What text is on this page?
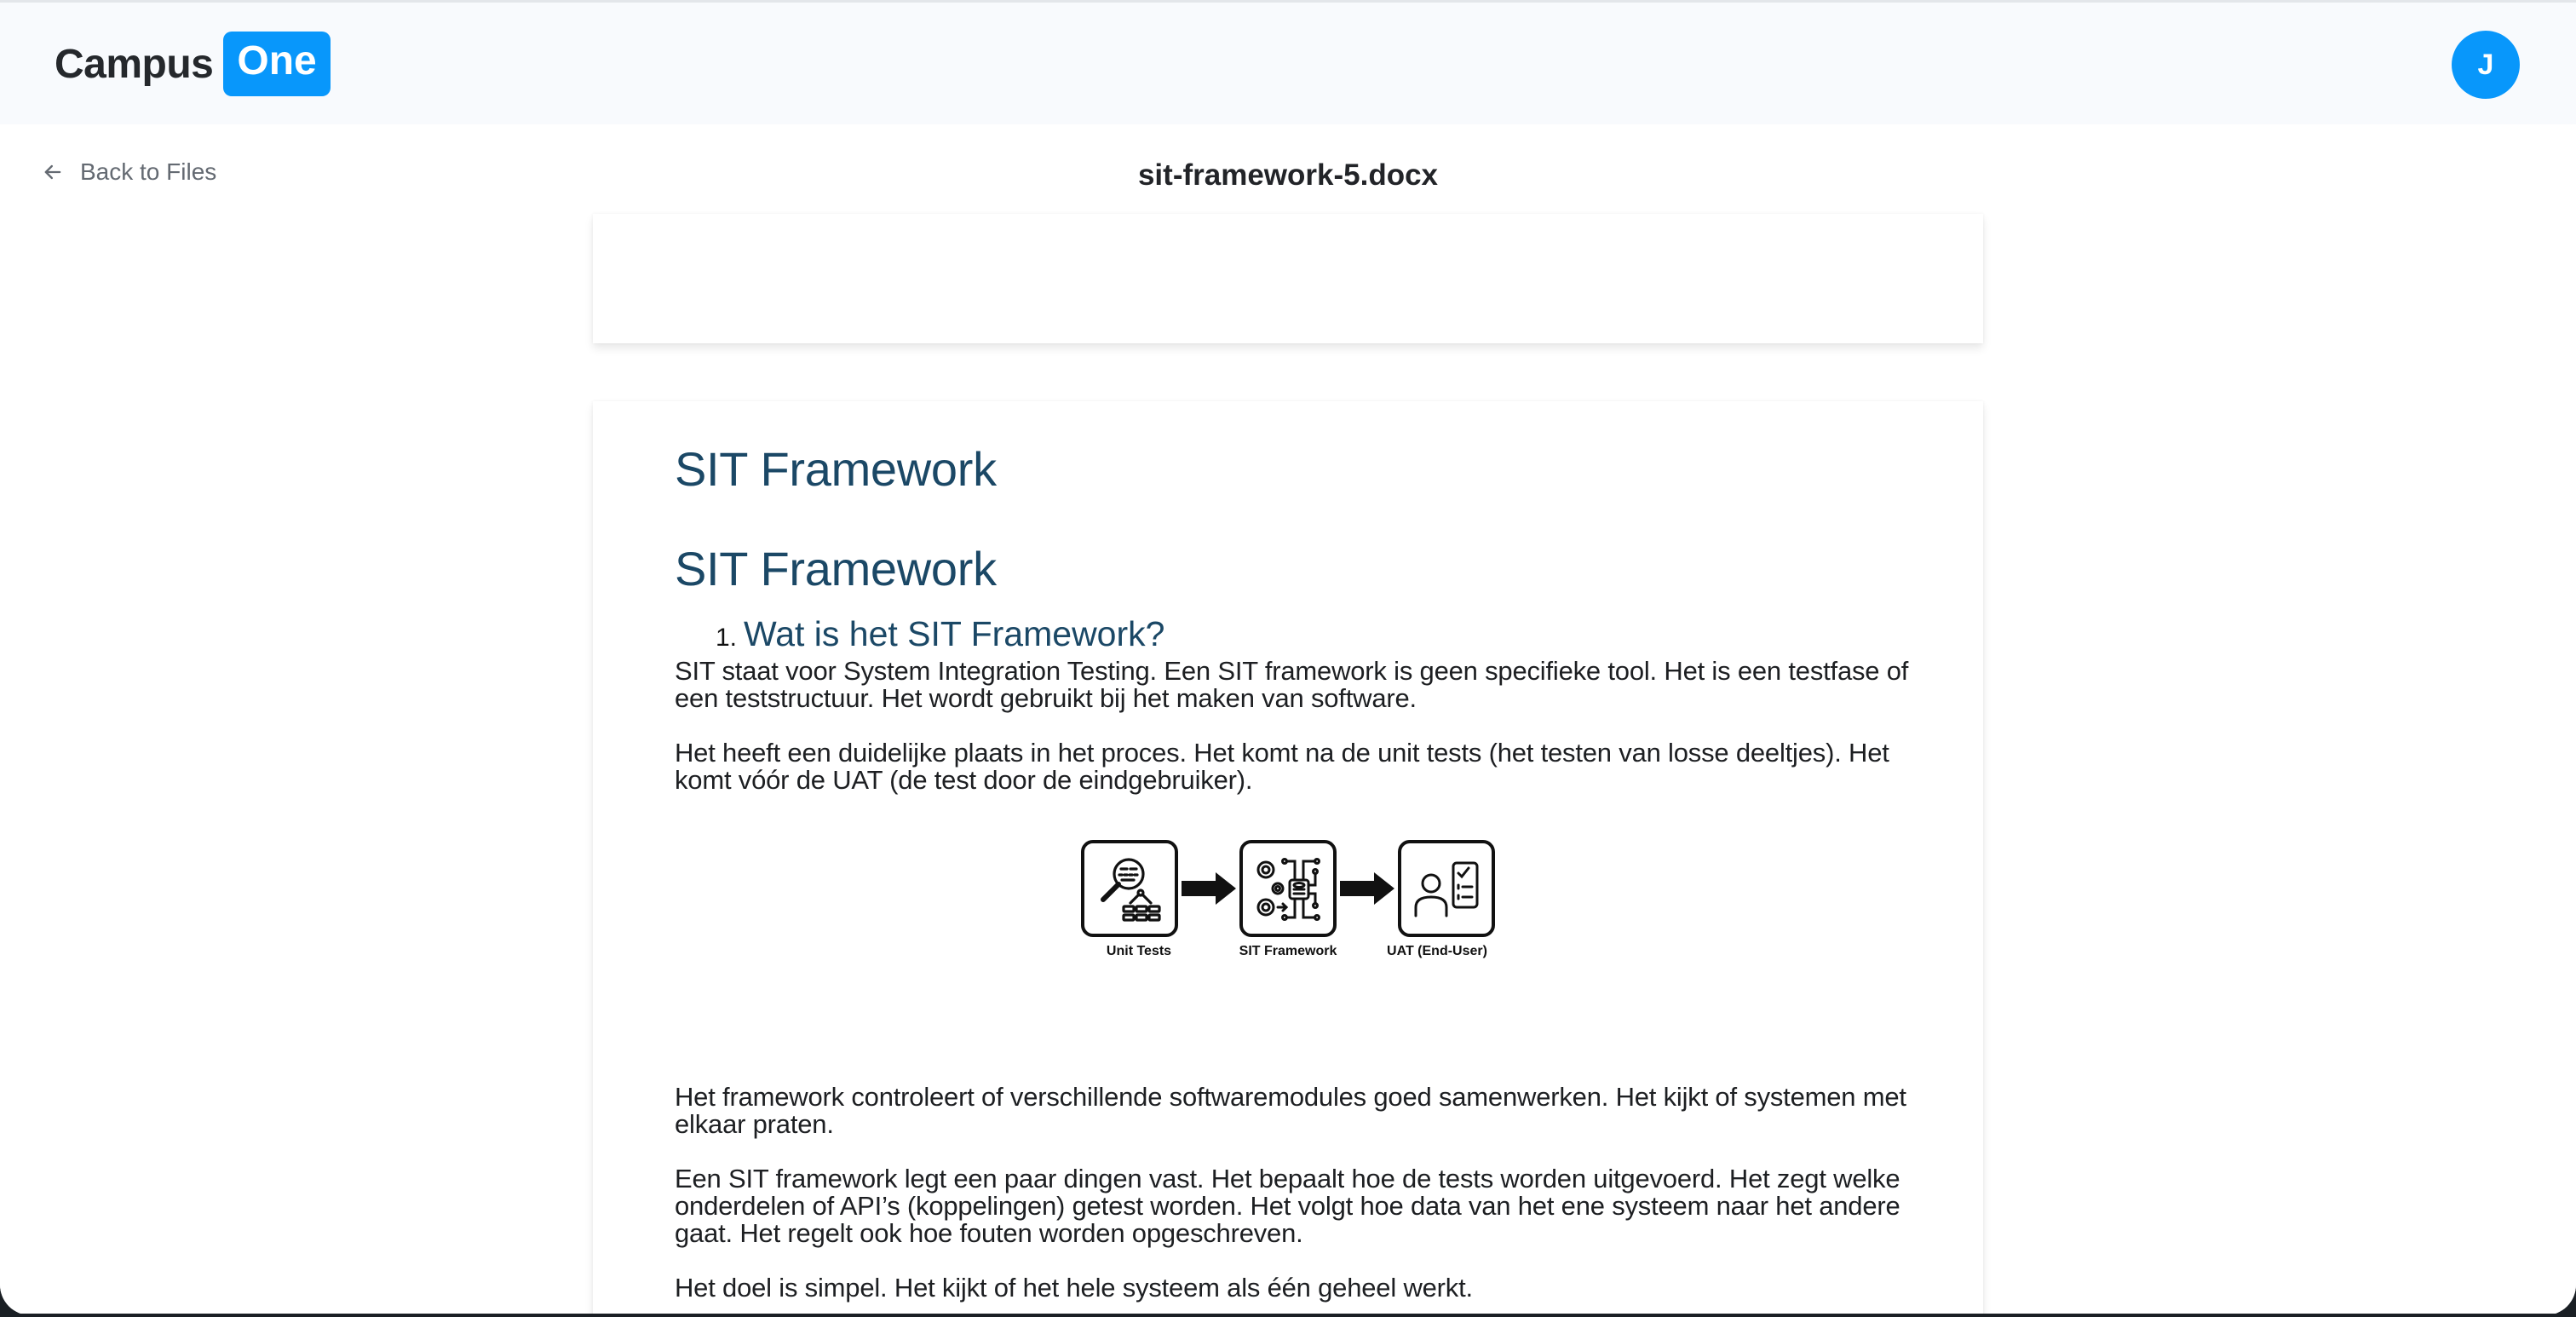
Campus One	J
Back to Files	sit-framework-5.docx
SIT Framework
SIT Framework
1. Wat is het SIT Framework?

SIT staat voor System Integration Testing. Een SIT framework is geen specifieke tool. Het is een testfase of een teststructuur. Het wordt gebruikt bij het maken van software.

Het heeft een duidelijke plaats in het proces. Het komt na de unit tests (het testen van losse deeltjes). Het komt vóór de UAT (de test door de eindgebruiker).

Unit Tests	SIT Framework	UAT (End-User)

Het framework controleert of verschillende softwaremodules goed samenwerken. Het kijkt of systemen met elkaar praten.

Een SIT framework legt een paar dingen vast. Het bepaalt hoe de tests worden uitgevoerd. Het zegt welke onderdelen of API’s (koppelingen) getest worden. Het volgt hoe data van het ene systeem naar het andere gaat. Het regelt ook hoe fouten worden opgeschreven.

Het doel is simpel. Het kijkt of het hele systeem als één geheel werkt.
